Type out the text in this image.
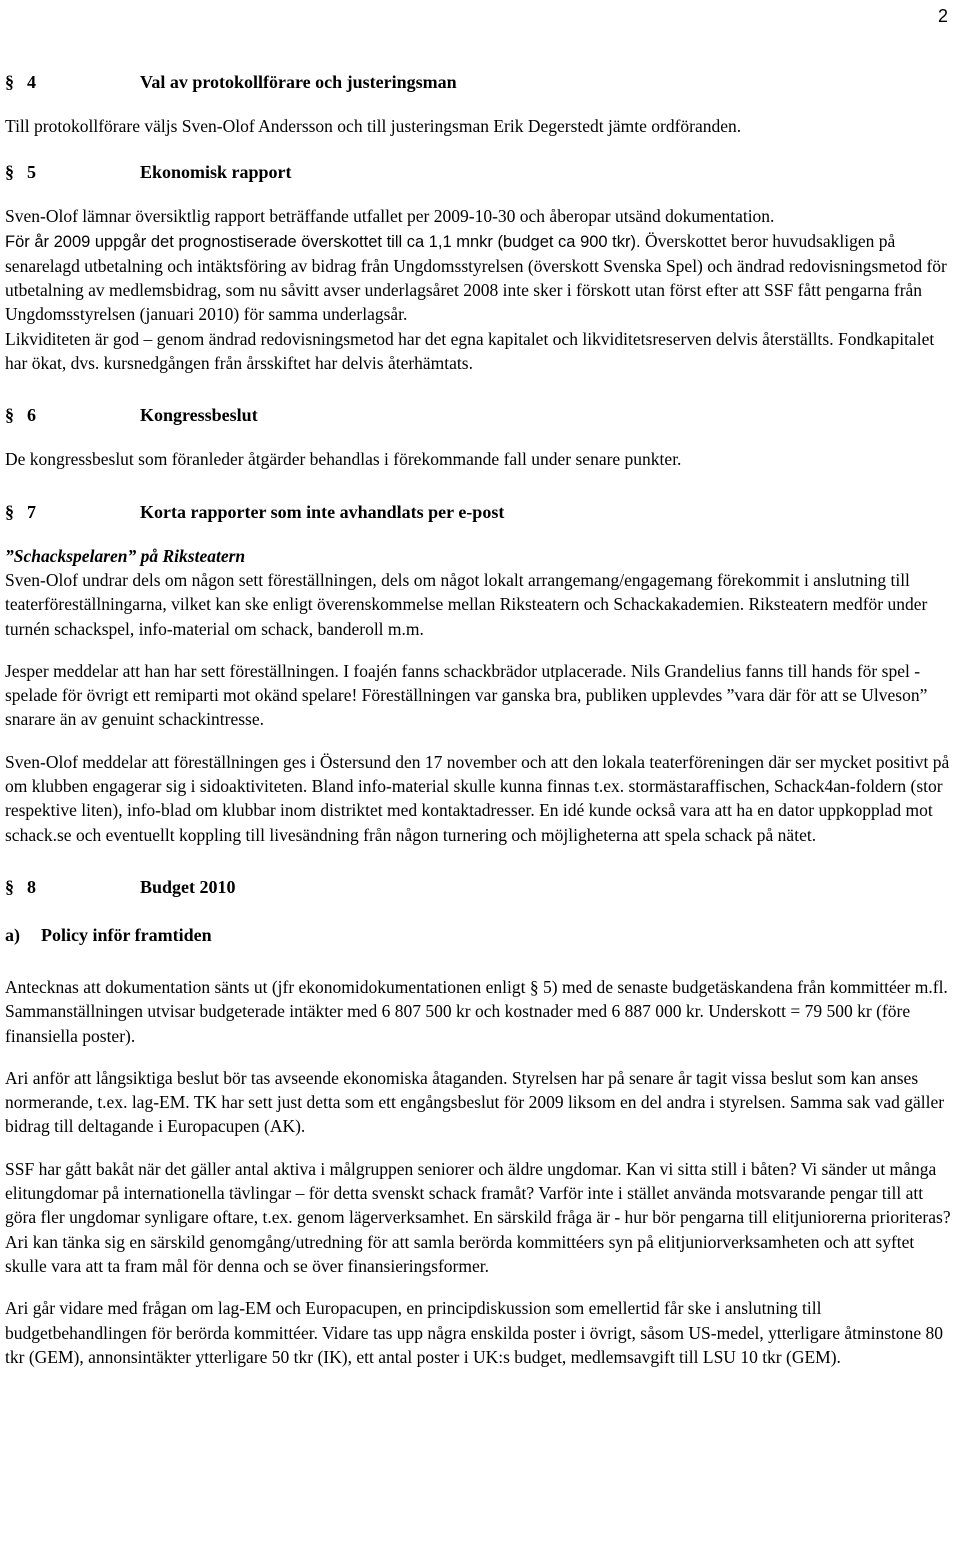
2
§ 4	Val av protokollförare och justeringsman

Till protokollförare väljs Sven-Olof Andersson och till justeringsman Erik Degerstedt jämte ordföranden.

§ 5	Ekonomisk rapport

Sven-Olof lämnar översiktlig rapport beträffande utfallet per 2009-10-30 och åberopar utsänd dokumentation.

För år 2009 uppgår det prognostiserade överskottet till ca 1,1 mnkr (budget ca 900 tkr). Överskottet beror huvudsakligen på senarelagd utbetalning och intäktsföring av bidrag från Ungdomsstyrelsen (överskott Svenska Spel) och ändrad redovisningsmetod för utbetalning av medlemsbidrag, som nu såvitt avser underlagsåret 2008 inte sker i förskott utan först efter att SSF fått pengarna från Ungdomsstyrelsen (januari 2010) för samma underlagsår.

Likviditeten är god – genom ändrad redovisningsmetod har det egna kapitalet och likviditetsreserven delvis återställts. Fondkapitalet har ökat, dvs. kursnedgången från årsskiftet har delvis återhämtats.

§ 6	Kongressbeslut

De kongressbeslut som föranleder åtgärder behandlas i förekommande fall under senare punkter.

§ 7	Korta rapporter som inte avhandlats per e-post

”Schackspelaren” på Riksteatern

Sven-Olof undrar dels om någon sett föreställningen, dels om något lokalt arrangemang/engagemang förekommit i anslutning till teaterföreställningarna, vilket kan ske enligt överenskommelse mellan Riksteatern och Schackakademien. Riksteatern medför under turnén schackspel, info-material om schack, banderoll m.m.

Jesper meddelar att han har sett föreställningen. I foajén fanns schackbrädor utplacerade. Nils Grandelius fanns till hands för spel - spelade för övrigt ett remiparti mot okänd spelare! Föreställningen var ganska bra, publiken upplevdes ”vara där för att se Ulveson” snarare än av genuint schackintresse.

Sven-Olof meddelar att föreställningen ges i Östersund den 17 november och att den lokala teaterföreningen där ser mycket positivt på om klubben engagerar sig i sidoaktiviteten. Bland info-material skulle kunna finnas t.ex. stormästaraffischen, Schack4an-foldern (stor respektive liten), info-blad om klubbar inom distriktet med kontaktadresser. En idé kunde också vara att ha en dator uppkopplad mot schack.se och eventuellt koppling till livesändning från någon turnering och möjligheterna att spela schack på nätet.

§ 8	Budget 2010
a)	Policy inför framtiden

Antecknas att dokumentation sänts ut (jfr ekonomidokumentationen enligt § 5) med de senaste budgetäskandena från kommittéer m.fl. Sammanställningen utvisar budgeterade intäkter med 6 807 500 kr och kostnader med 6 887 000 kr. Underskott = 79 500 kr (före finansiella poster).

Ari anför att långsiktiga beslut bör tas avseende ekonomiska åtaganden. Styrelsen har på senare år tagit vissa beslut som kan anses normerande, t.ex. lag-EM. TK har sett just detta som ett engångsbeslut för 2009 liksom en del andra i styrelsen. Samma sak vad gäller bidrag till deltagande i Europacupen (AK).

SSF har gått bakåt när det gäller antal aktiva i målgruppen seniorer och äldre ungdomar. Kan vi sitta still i båten? Vi sänder ut många elitungdomar på internationella tävlingar – för detta svenskt schack framåt? Varför inte i stället använda motsvarande pengar till att göra fler ungdomar synligare oftare, t.ex. genom lägerverksamhet. En särskild fråga är - hur bör pengarna till elitjuniorerna prioriteras?

Ari kan tänka sig en särskild genomgång/utredning för att samla berörda kommittéers syn på elitjuniorverksamheten och att syftet skulle vara att ta fram mål för denna och se över finansieringsformer.

Ari går vidare med frågan om lag-EM och Europacupen, en principdiskussion som emellertid får ske i anslutning till budgetbehandlingen för berörda kommittéer. Vidare tas upp några enskilda poster i övrigt, såsom US-medel, ytterligare åtminstone 80 tkr (GEM), annonsintäkter ytterligare 50 tkr (IK), ett antal poster i UK:s budget, medlemsavgift till LSU 10 tkr (GEM).
